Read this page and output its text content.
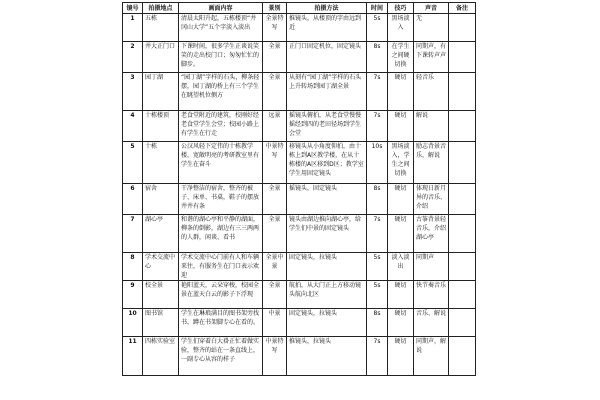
镜号	拍摄地点	画面内容	景别	拍摄方法	时间	技巧	声音	备注
1	五栋	清晨太阳升起，五栋楼顶“井冈山大学”五个字淡入淡出	全景特写	推镜头，从楼顶的字由远到近	5s	黑场淡入	无	
2	井大正门口	下课时间，很多学生正谈说笑笑的走出校门口；匆匆忙忙的脚步。	全景	正门口固定机位，固定镜头	8s	在学生之间硬切换	同期声，有下课转声声	
3	园丁湖	“园丁湖”字样的石头，柳条轻摆，园丁湖的桥上有三个学生在眺望机位侧方	全景	从刻有“园丁湖”字样的石头上升转场到园丁湖全景	7s	硬切	轻音乐	
4	十栋楼顶	老食堂附近的建筑，校刚好经老食堂学生会堂；校园小路上有学生在行走	远景	摇镜头俯拍，从老食堂慢慢摇经到四的老田径场到学生会堂	7s	硬切	解说	
5	十栋	公汉风轻下定伟的十栋教学楼，宽敞明亮的考研教室里有学生在奋斗	中景特写	移镜头从小角度仰拍，由十栋上到A区教学楼，在从十栋楼的A区移到D区；教学室学生用固定镜头	10s	黑场淡入，学生之间切换	励志背景音乐，解说	
6	宿舍	干净整洁的宿舍，整齐的被子、床单、书桌，鞋子的摆放井井有条	全景	摇镜头，固定镜头	8s	硬切	体现日新月异的音乐、介绍	
7	湖心亭	和谐的湖心亭和平静的湖面，柳条的倒影，湖边有三三两两的人群，闲谈、看书	全景	镜头由湖边推向湖心亭，给学生们中景的固定镜头	7s	硬切	古筝背景轻音乐，介绍湖心亭	
8	学术交流中心	学术交流中心门前有人和车辆来往，有服务生在门口表示欢迎	全景中景	固定镜头，拉镜头	5s	淡入淡出	同期声	
9	校全景	艳阳蓝天，云朵穿梭，校园全景在蓝天白云的影子下浮现	全景	航拍，从大门正上方移动镜头航向北区	5s	硬切	快节奏音乐	
10	图书馆	学生在琳琅满目的图书架旁找书，蹲在书架脚专心在看的。	中景	固定镜头，拉镜头	8s	硬切	音乐、解说	
11	四栋实验室	学生们穿着白大褂正忙着做实验，整齐的站在一条直线上，一副专心从容的样子	中景特写	推镜头，拉镜头	7s	硬切	同期声，解说	
